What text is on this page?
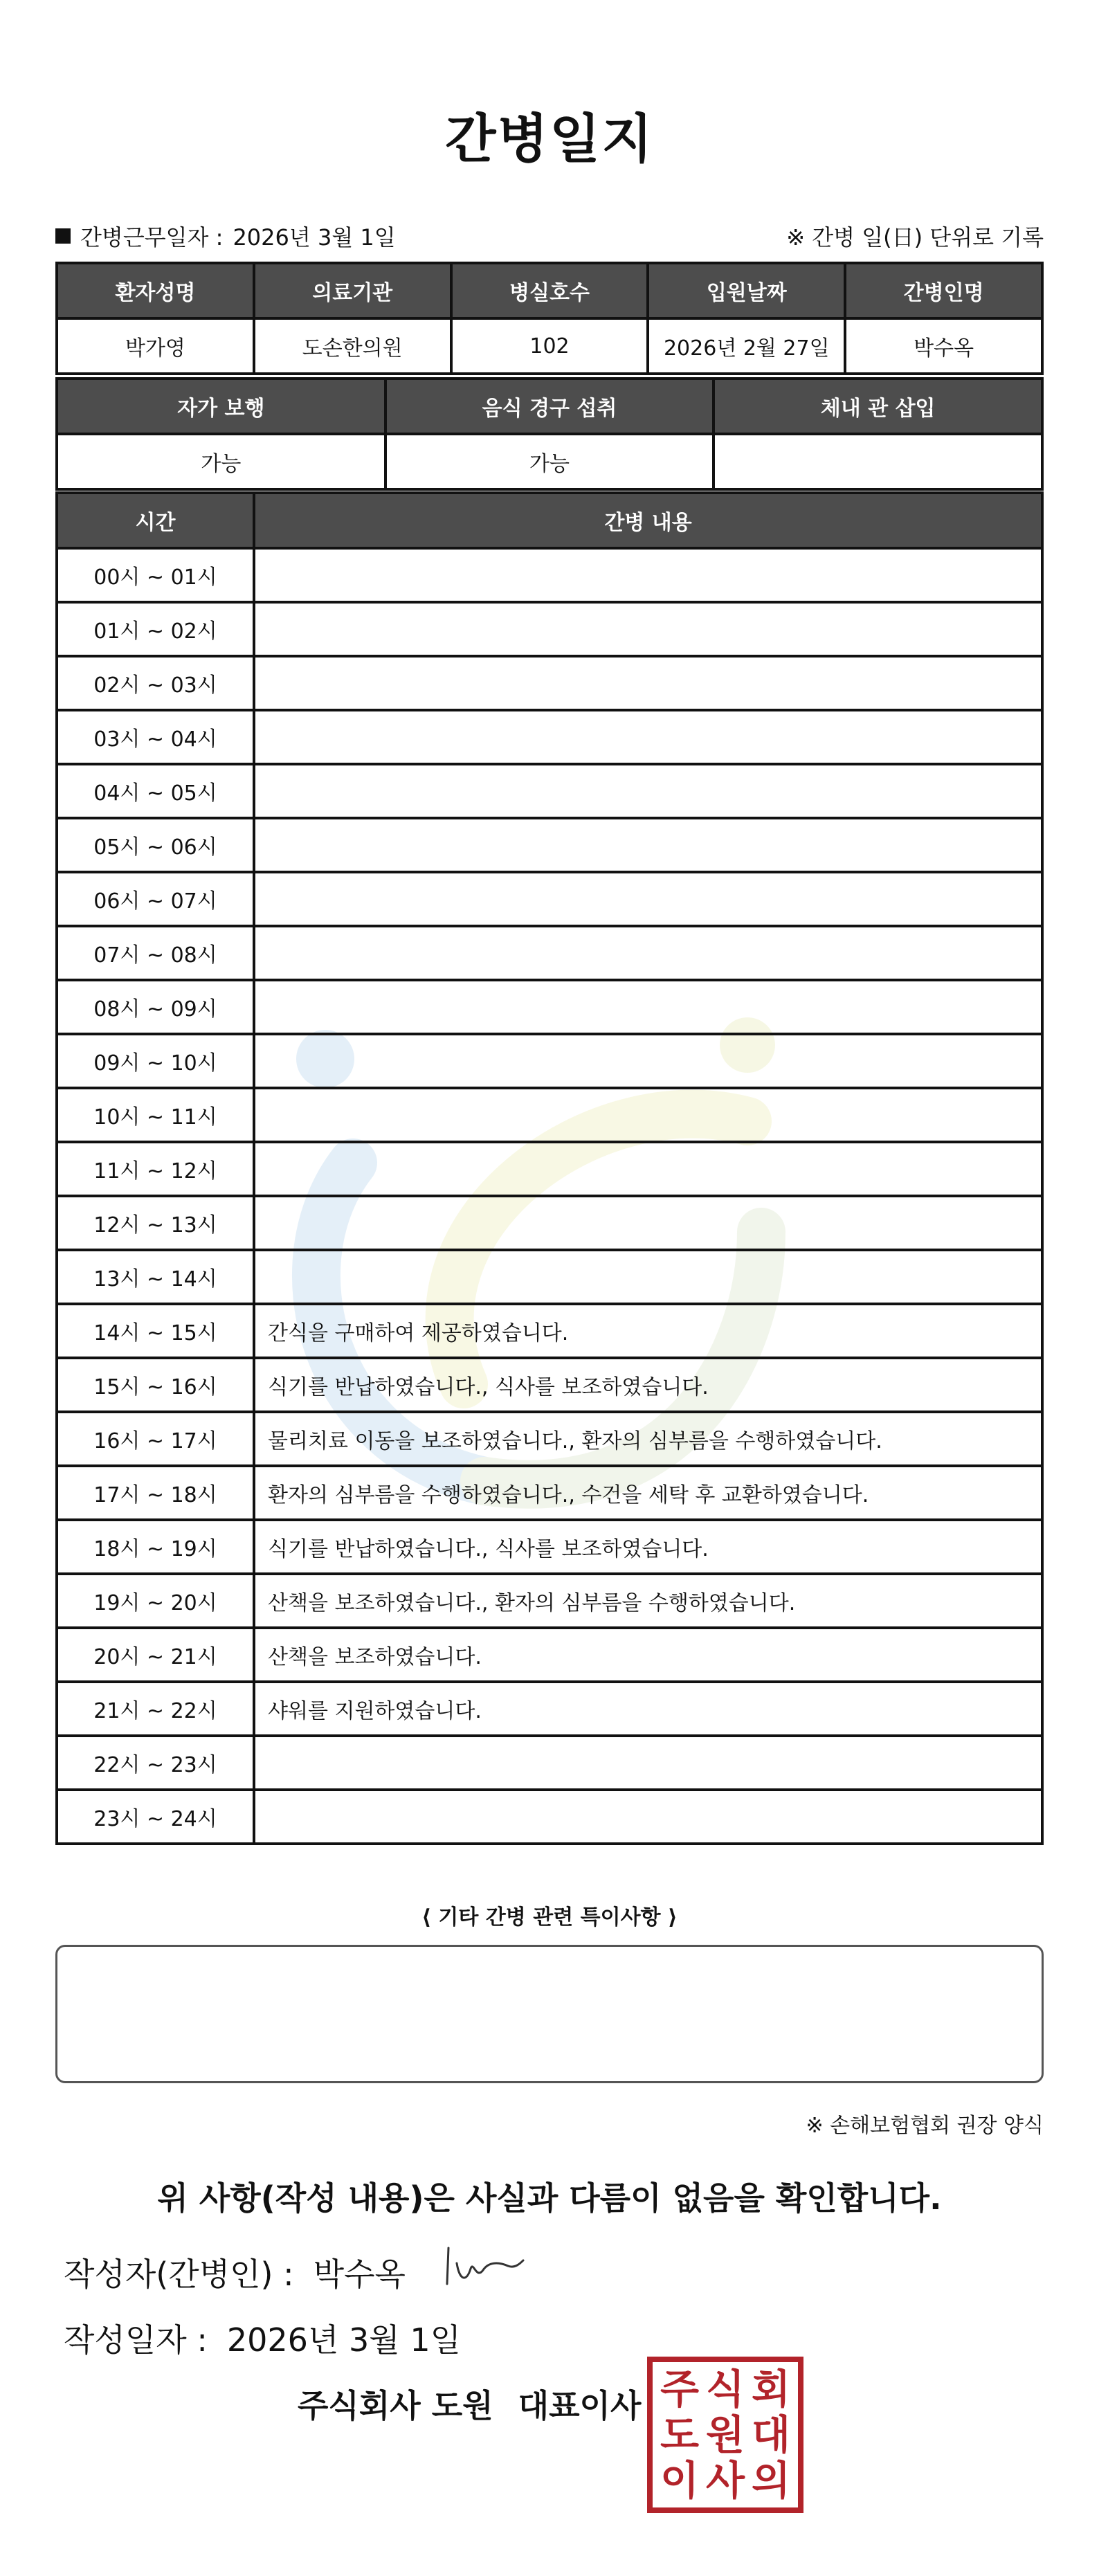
간병일지
간병근무일자 : 2026년 3월 1일	※ 간병 일(日) 단위로 기록
환자성명	의료기관	병실호수	입원날짜	간병인명
박가영	도손한의원	102	2026년 2월 27일	박수옥
자가 보행	음식 경구 섭취	체내 관 삽입
가능	가능	
시간	간병 내용
00시 ~ 01시	
01시 ~ 02시	
02시 ~ 03시	
03시 ~ 04시	
04시 ~ 05시	
05시 ~ 06시	
06시 ~ 07시	
07시 ~ 08시	
08시 ~ 09시	
09시 ~ 10시	
10시 ~ 11시	
11시 ~ 12시	
12시 ~ 13시	
13시 ~ 14시	
14시 ~ 15시	간식을 구매하여 제공하였습니다.
15시 ~ 16시	식기를 반납하였습니다., 식사를 보조하였습니다.
16시 ~ 17시	물리치료 이동을 보조하였습니다., 환자의 심부름을 수행하였습니다.
17시 ~ 18시	환자의 심부름을 수행하였습니다., 수건을 세탁 후 교환하였습니다.
18시 ~ 19시	식기를 반납하였습니다., 식사를 보조하였습니다.
19시 ~ 20시	산책을 보조하였습니다., 환자의 심부름을 수행하였습니다.
20시 ~ 21시	산책을 보조하였습니다.
21시 ~ 22시	샤워를 지원하였습니다.
22시 ~ 23시	
23시 ~ 24시	
⟨ 기타 간병 관련 특이사항 ⟩
※ 손해보험협회 권장 양식
위 사항(작성 내용)은 사실과 다름이 없음을 확인합니다.
작성자(간병인) : 박수옥
작성일자 : 2026년 3월 1일
주식회사 도원 대표이사 주 식 회
도 원 대
이 사 의
